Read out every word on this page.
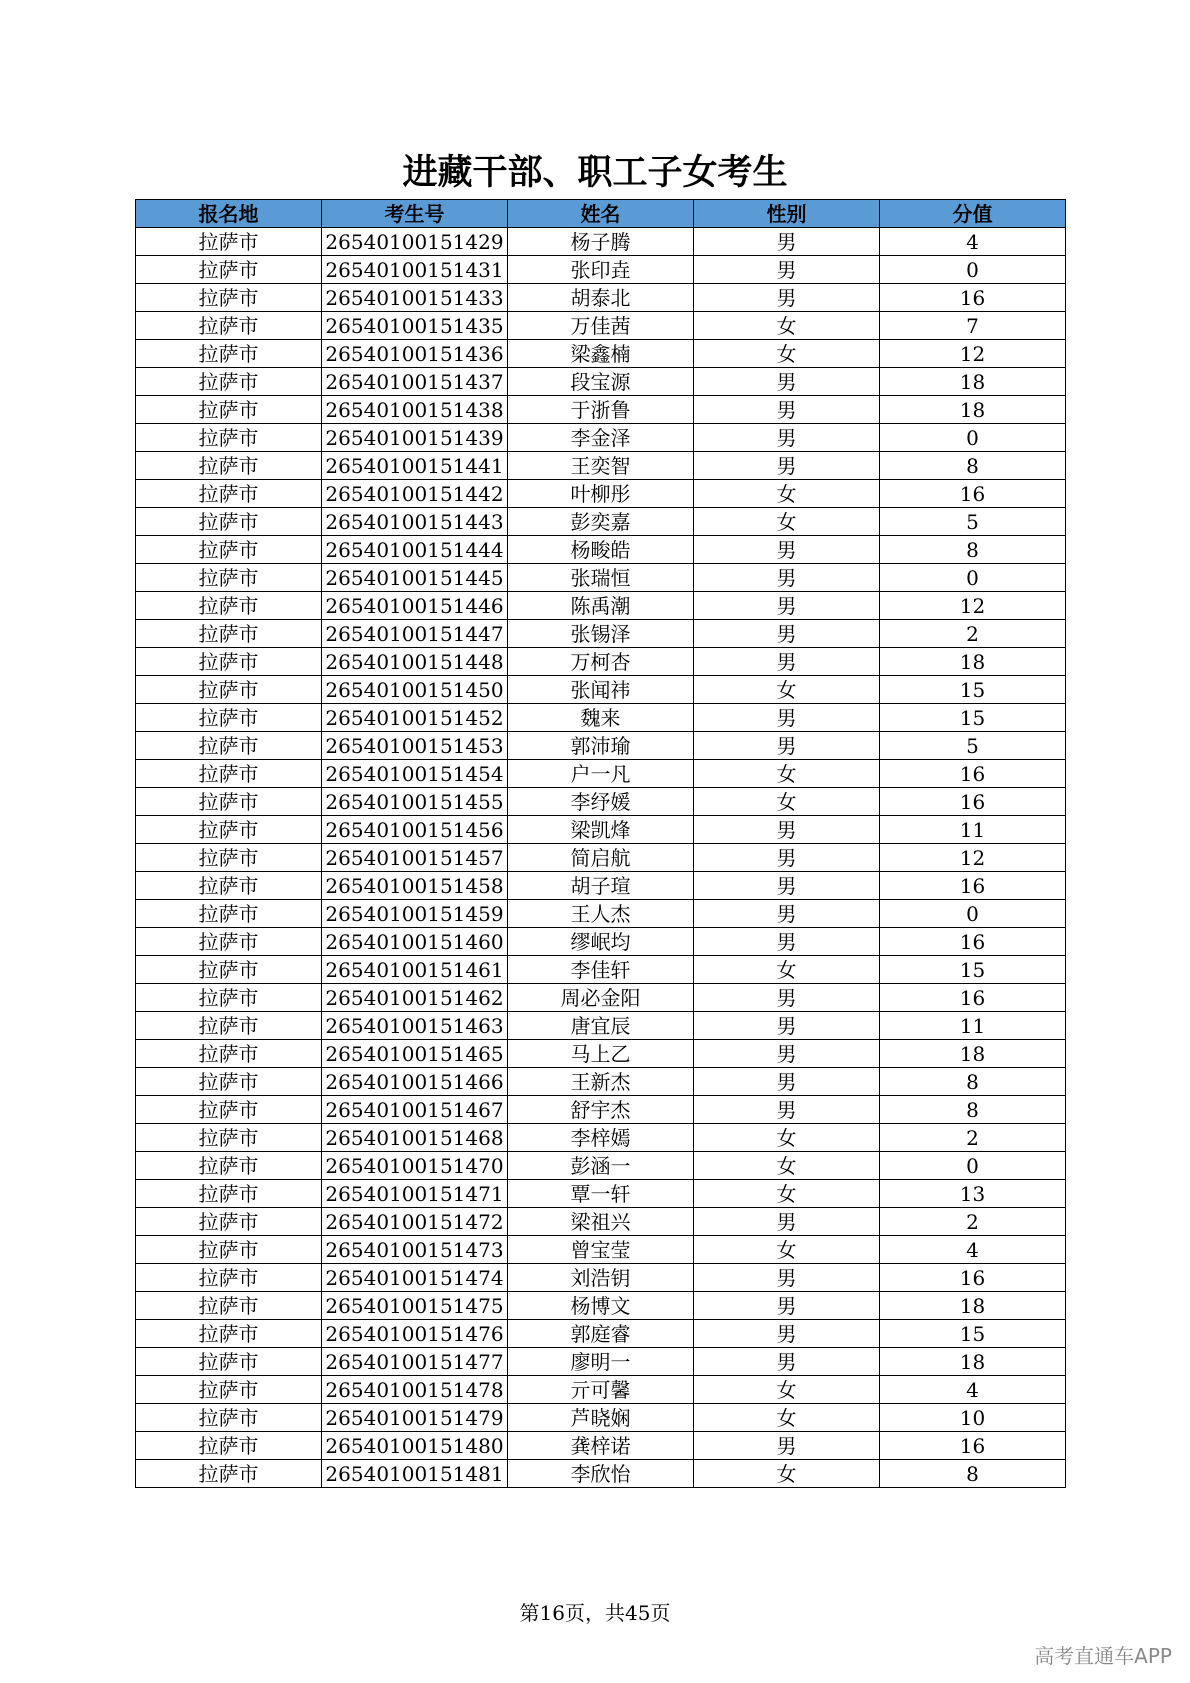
进藏干部、职工子女考生
报名地	考生号	姓名	性别	分值
拉萨市	26540100151429	杨子腾	男	4
拉萨市	26540100151431	张印垚	男	0
拉萨市	26540100151433	胡泰北	男	16
拉萨市	26540100151435	万佳茜	女	7
拉萨市	26540100151436	梁鑫楠	女	12
拉萨市	26540100151437	段宝源	男	18
拉萨市	26540100151438	于浙鲁	男	18
拉萨市	26540100151439	李金泽	男	0
拉萨市	26540100151441	王奕智	男	8
拉萨市	26540100151442	叶柳彤	女	16
拉萨市	26540100151443	彭奕嘉	女	5
拉萨市	26540100151444	杨畯皓	男	8
拉萨市	26540100151445	张瑞恒	男	0
拉萨市	26540100151446	陈禹潮	男	12
拉萨市	26540100151447	张锡泽	男	2
拉萨市	26540100151448	万柯杏	男	18
拉萨市	26540100151450	张闻祎	女	15
拉萨市	26540100151452	魏来	男	15
拉萨市	26540100151453	郭沛瑜	男	5
拉萨市	26540100151454	户一凡	女	16
拉萨市	26540100151455	李纾媛	女	16
拉萨市	26540100151456	梁凯烽	男	11
拉萨市	26540100151457	简启航	男	12
拉萨市	26540100151458	胡子瑄	男	16
拉萨市	26540100151459	王人杰	男	0
拉萨市	26540100151460	缪岷均	男	16
拉萨市	26540100151461	李佳轩	女	15
拉萨市	26540100151462	周必金阳	男	16
拉萨市	26540100151463	唐宜辰	男	11
拉萨市	26540100151465	马上乙	男	18
拉萨市	26540100151466	王新杰	男	8
拉萨市	26540100151467	舒宇杰	男	8
拉萨市	26540100151468	李梓嫣	女	2
拉萨市	26540100151470	彭涵一	女	0
拉萨市	26540100151471	覃一轩	女	13
拉萨市	26540100151472	梁祖兴	男	2
拉萨市	26540100151473	曾宝莹	女	4
拉萨市	26540100151474	刘浩钥	男	16
拉萨市	26540100151475	杨博文	男	18
拉萨市	26540100151476	郭庭睿	男	15
拉萨市	26540100151477	廖明一	男	18
拉萨市	26540100151478	亓可馨	女	4
拉萨市	26540100151479	芦晓娴	女	10
拉萨市	26540100151480	龚梓诺	男	16
拉萨市	26540100151481	李欣怡	女	8
第16页，共45页
高考直通车APP
